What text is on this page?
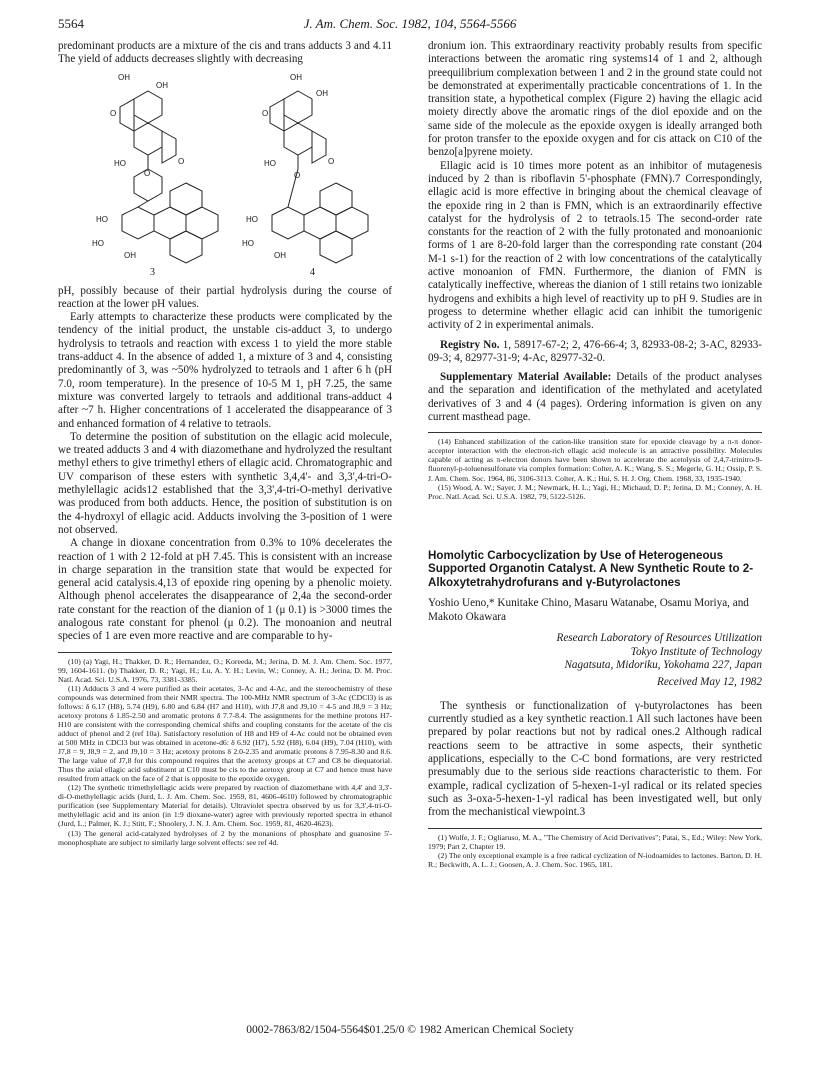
5564	J. Am. Chem. Soc. 1982, 104, 5564-5566

predominant products are a mixture of the cis and trans adducts 3 and 4.11 The yield of adducts decreases slightly with decreasing

OH
OH
O
O
HO
O
HO
HO
OH
3
OH
OH
O
O
HO
O
HO
HO
OH
4

pH, possibly because of their partial hydrolysis during the course of reaction at the lower pH values.

Early attempts to characterize these products were complicated by the tendency of the initial product, the unstable cis-adduct 3, to undergo hydrolysis to tetraols and reaction with excess 1 to yield the more stable trans-adduct 4. In the absence of added 1, a mixture of 3 and 4, consisting predominantly of 3, was ~50% hydrolyzed to tetraols and 1 after 6 h (pH 7.0, room temperature). In the presence of 10-5 M 1, pH 7.25, the same mixture was converted largely to tetraols and additional trans-adduct 4 after ~7 h. Higher concentrations of 1 accelerated the disappearance of 3 and enhanced formation of 4 relative to tetraols.

To determine the position of substitution on the ellagic acid molecule, we treated adducts 3 and 4 with diazomethane and hydrolyzed the resultant methyl ethers to give trimethyl ethers of ellagic acid. Chromatographic and UV comparison of these esters with synthetic 3,4,4'- and 3,3',4-tri-O-methylellagic acids12 established that the 3,3',4-tri-O-methyl derivative was produced from both adducts. Hence, the position of substitution is on the 4-hydroxyl of ellagic acid. Adducts involving the 3-position of 1 were not observed.

A change in dioxane concentration from 0.3% to 10% decelerates the reaction of 1 with 2 12-fold at pH 7.45. This is consistent with an increase in charge separation in the transition state that would be expected for general acid catalysis.4,13 of epoxide ring opening by a phenolic moiety. Although phenol accelerates the disappearance of 2,4a the second-order rate constant for the reaction of the dianion of 1 (μ 0.1) is >3000 times the analogous rate constant for phenol (μ 0.2). The monoanion and neutral species of 1 are even more reactive and are comparable to hy-

(10) (a) Yagi, H.; Thakker, D. R.; Hernandez, O.; Koreeda, M.; Jerina, D. M. J. Am. Chem. Soc. 1977, 99, 1604-1611. (b) Thakker, D. R.; Yagi, H.; Lu, A. Y. H.; Levin, W.; Conney, A. H.; Jerina, D. M. Proc. Natl. Acad. Sci. U.S.A. 1976, 73, 3381-3385.

(11) Adducts 3 and 4 were purified as their acetates, 3-Ac and 4-Ac, and the stereochemistry of these compounds was determined from their NMR spectra. The 100-MHz NMR spectrum of 3-Ac (CDCl3) is as follows: δ 6.17 (H8), 5.74 (H9), 6.80 and 6.84 (H7 and H10), with J7,8 and J9,10 = 4-5 and J8,9 = 3 Hz; acetoxy protons δ 1.85-2.50 and aromatic protons δ 7.7-8.4. The assignments for the methine protons H7-H10 are consistent with the corresponding chemical shifts and coupling constants for the acetate of the cis adduct of phenol and 2 (ref 10a). Satisfactory resolution of H8 and H9 of 4-Ac could not be obtained even at 500 MHz in CDCl3 but was obtained in acetone-d6: δ 6.92 (H7), 5.92 (H8), 6.04 (H9), 7.04 (H10), with J7,8 = 9, J8,9 = 2, and J9,10 = 3 Hz; acetoxy protons δ 2.0-2.35 and aromatic protons δ 7.95-8.30 and 8.6. The large value of J7,8 for this compound requires that the acetoxy groups at C7 and C8 be diequatorial. Thus the axial ellagic acid substituent at C10 must be cis to the acetoxy group at C7 and hence must have resulted from attack on the face of 2 that is opposite to the epoxide oxygen.

(12) The synthetic trimethylellagic acids were prepared by reaction of diazomethane with 4,4' and 3,3'-di-O-methylellagic acids (Jurd, L. J. Am. Chem. Soc. 1959, 81, 4606-4610) followed by chromatographic purification (see Supplementary Material for details). Ultraviolet spectra observed by us for 3,3',4-tri-O-methylellagic acid and its anion (in 1:9 dioxane-water) agree with previously reported spectra in ethanol (Jurd, L.; Palmer, K. J.; Stitt, F.; Shoolery, J. N. J. Am. Chem. Soc. 1959, 81, 4620-4623).

(13) The general acid-catalyzed hydrolyses of 2 by the monanions of phosphate and guanosine 5'-monophosphate are subject to similarly large solvent effects: see ref 4d.

dronium ion. This extraordinary reactivity probably results from specific interactions between the aromatic ring systems14 of 1 and 2, although preequilibrium complexation between 1 and 2 in the ground state could not be demonstrated at experimentally practicable concentrations of 1. In the transition state, a hypothetical complex (Figure 2) having the ellagic acid moiety directly above the aromatic rings of the diol epoxide and on the same side of the molecule as the epoxide oxygen is ideally arranged both for proton transfer to the epoxide oxygen and for cis attack on C10 of the benzo[a]pyrene moiety.

Ellagic acid is 10 times more potent as an inhibitor of mutagenesis induced by 2 than is riboflavin 5'-phosphate (FMN).7 Correspondingly, ellagic acid is more effective in bringing about the chemical cleavage of the epoxide ring in 2 than is FMN, which is an extraordinarily effective catalyst for the hydrolysis of 2 to tetraols.15 The second-order rate constants for the reaction of 2 with the fully protonated and monoanionic forms of 1 are 8-20-fold larger than the corresponding rate constant (204 M-1 s-1) for the reaction of 2 with low concentrations of the catalytically active monoanion of FMN. Furthermore, the dianion of FMN is catalytically ineffective, whereas the dianion of 1 still retains two ionizable hydrogens and exhibits a high level of reactivity up to pH 9. Studies are in progess to determine whether ellagic acid can inhibit the tumorigenic activity of 2 in experimental animals.

Registry No. 1, 58917-67-2; 2, 476-66-4; 3, 82933-08-2; 3-AC, 82933-09-3; 4, 82977-31-9; 4-Ac, 82977-32-0.

Supplementary Material Available: Details of the product analyses and the separation and identification of the methylated and acetylated derivatives of 3 and 4 (4 pages). Ordering information is given on any current masthead page.

(14) Enhanced stabilization of the cation-like transition state for epoxide cleavage by a π-π donor-acceptor interaction with the electron-rich ellagic acid molecule is an attractive possibility. Molecules capable of acting as π-electron donors have been shown to accelerate the acetolysis of 2,4,7-trinitro-9-fluorenyl-p-toluenesulfonate via complex formation: Colter, A. K.; Wang, S. S.; Megerle, G. H.; Ossip, P. S. J. Am. Chem. Soc. 1964, 86, 3106-3113. Colter, A. K.; Hui, S. H. J. Org. Chem. 1968, 33, 1935-1940.

(15) Wood, A. W.; Sayer, J. M.; Newmark, H. L.; Yagi, H.; Michaud, D. P.; Jerina, D. M.; Conney, A. H. Proc. Natl. Acad. Sci. U.S.A. 1982, 79, 5122-5126.

Homolytic Carbocyclization by Use of Heterogeneous Supported Organotin Catalyst. A New Synthetic Route to 2-Alkoxytetrahydrofurans and γ-Butyrolactones

Yoshio Ueno,* Kunitake Chino, Masaru Watanabe, Osamu Moriya, and Makoto Okawara

Research Laboratory of Resources Utilization
Tokyo Institute of Technology
Nagatsuta, Midoriku, Yokohama 227, Japan
Received May 12, 1982

The synthesis or functionalization of γ-butyrolactones has been currently studied as a key synthetic reaction.1 All such lactones have been prepared by polar reactions but not by radical ones.2 Although radical reactions seem to be attractive in some aspects, their synthetic applications, especially to the C-C bond formations, are very restricted presumably due to the serious side reactions characteristic to them. For example, radical cyclization of 5-hexen-1-yl radical or its related species such as 3-oxa-5-hexen-1-yl radical has been investigated well, but only from the mechanistical viewpoint.3

(1) Wolfe, J. F.; Ogliaruso, M. A., "The Chemistry of Acid Derivatives"; Patai, S., Ed.; Wiley: New York, 1979; Part 2, Chapter 19.

(2) The only exceptional example is a free radical cyclization of N-iodoamides to lactones. Barton, D. H. R.; Beckwith, A. L. J.; Goosen, A. J. Chem. Soc. 1965, 181.

0002-7863/82/1504-5564$01.25/0 © 1982 American Chemical Society
